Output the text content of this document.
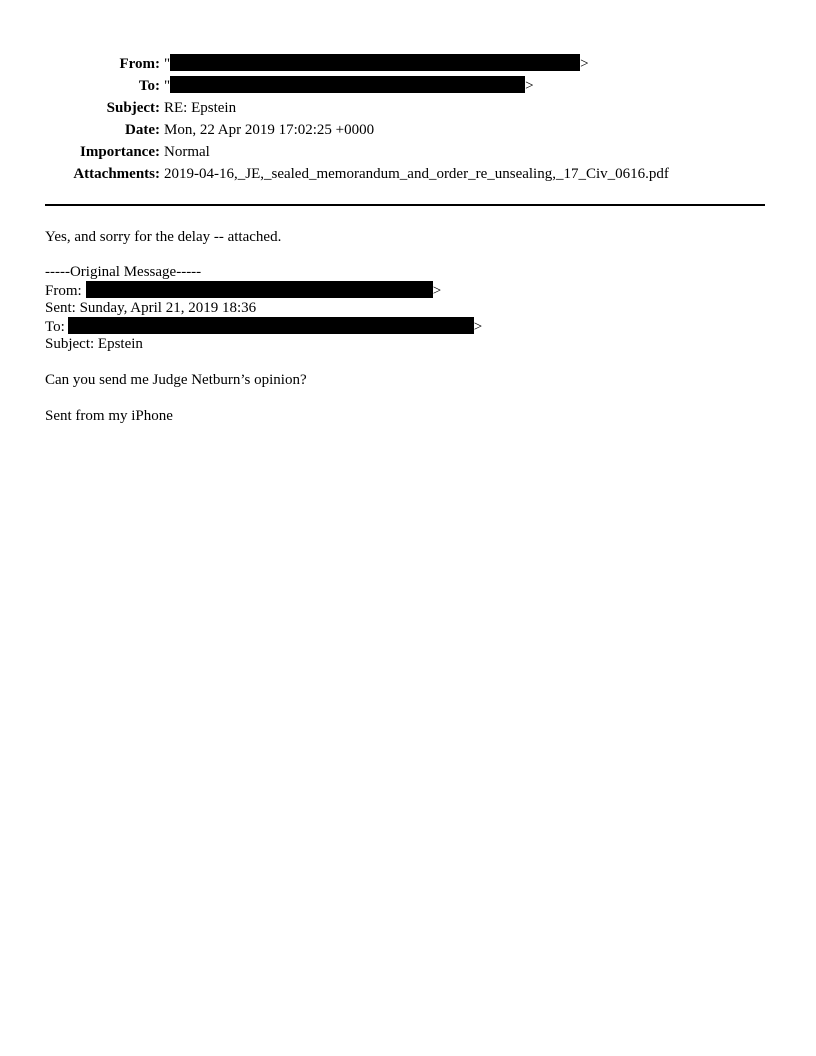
From: "	>
To: "	>
Subject: RE: Epstein
Date: Mon, 22 Apr 2019 17:02:25 +0000
Importance: Normal
Attachments: 2019-04-16,_JE,_sealed_memorandum_and_order_re_unsealing,_17_Civ_0616.pdf
Yes, and sorry for the delay -- attached.
-----Original Message-----
From:	>
Sent: Sunday, April 21, 2019 18:36
To:	>
Subject: Epstein
Can you send me Judge Netburn’s opinion?
Sent from my iPhone
